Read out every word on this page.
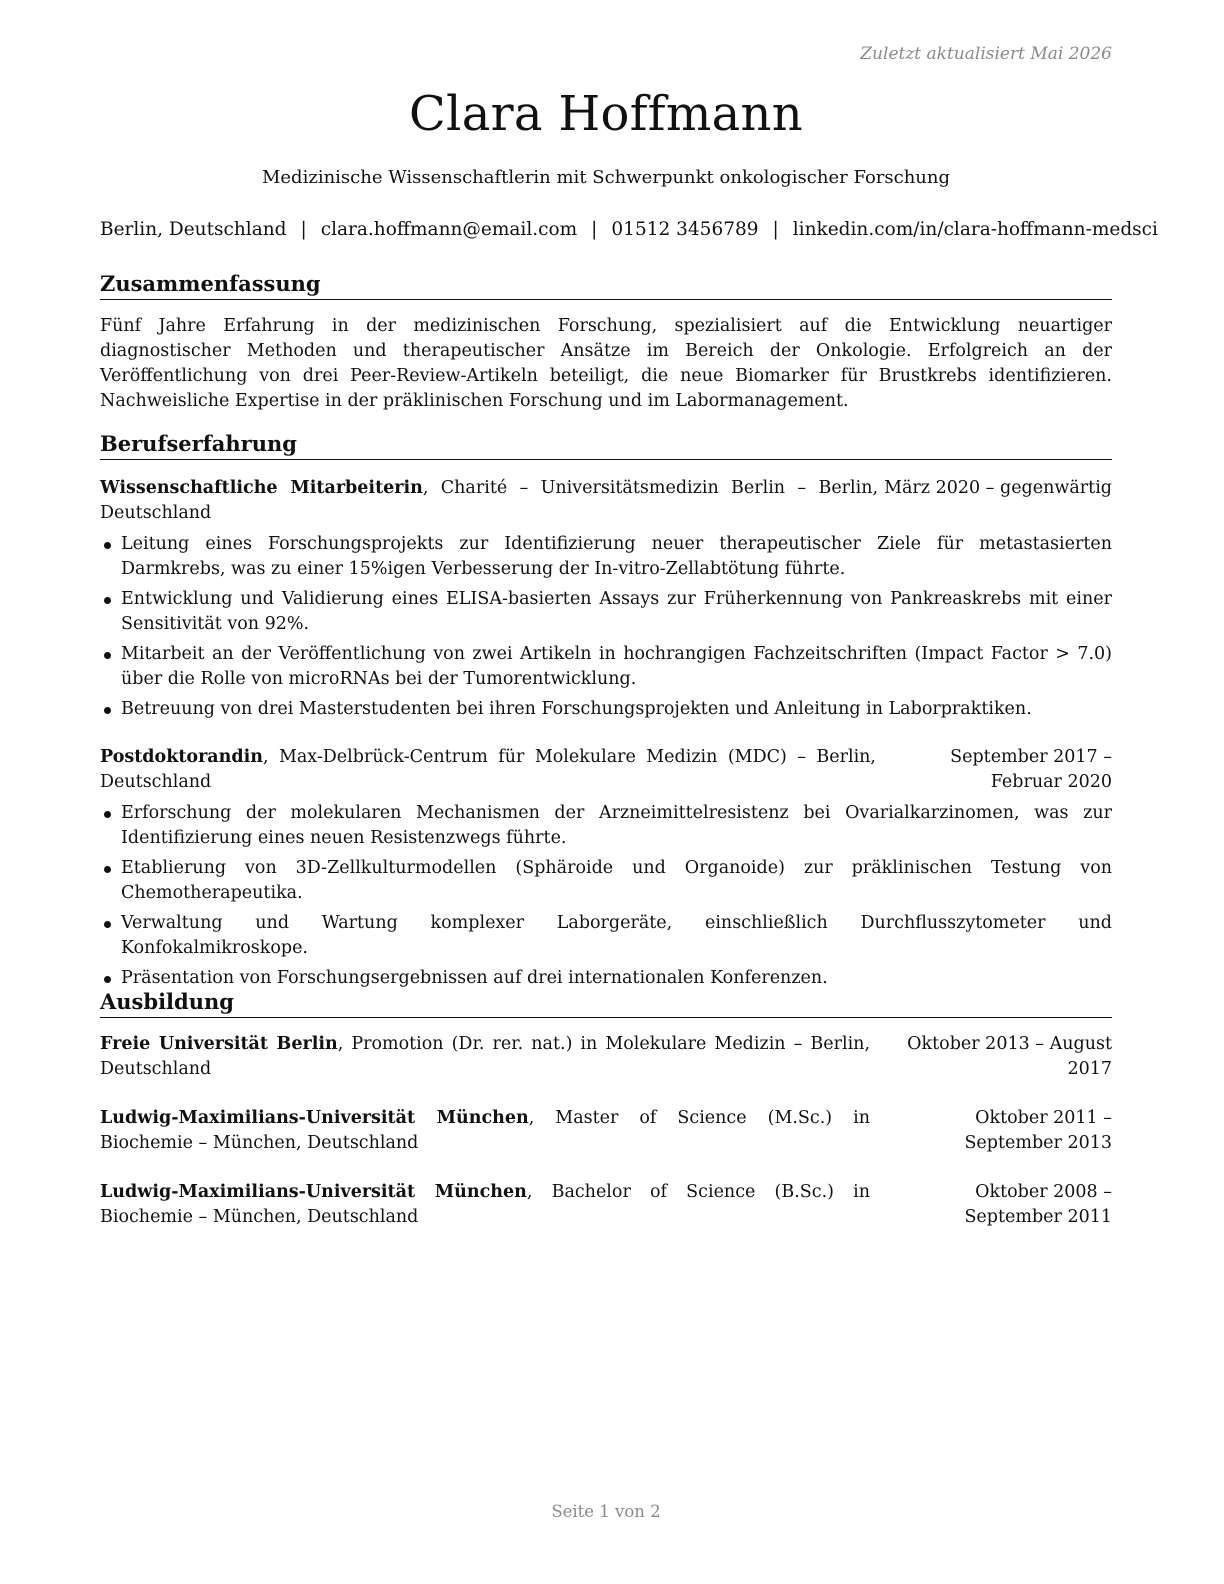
Zuletzt aktualisiert Mai 2026
Clara Hoffmann
Medizinische Wissenschaftlerin mit Schwerpunkt onkologischer Forschung
Berlin, Deutschland | clara.hoffmann@email.com | 01512 3456789 | linkedin.com/in/clara-hoffmann-medsci
Zusammenfassung
Fünf Jahre Erfahrung in der medizinischen Forschung, spezialisiert auf die Entwicklung neuartiger diagnostischer Methoden und therapeutischer Ansätze im Bereich der Onkologie. Erfolgreich an der Veröffentlichung von drei Peer-Review-Artikeln beteiligt, die neue Biomarker für Brustkrebs identifizieren. Nachweisliche Expertise in der präklinischen Forschung und im Labormanagement.
Berufserfahrung
Wissenschaftliche Mitarbeiterin, Charité – Universitätsmedizin Berlin – Berlin, Deutschland
März 2020 – gegenwärtig
Leitung eines Forschungsprojekts zur Identifizierung neuer therapeutischer Ziele für metastasierten Darmkrebs, was zu einer 15%igen Verbesserung der In-vitro-Zellabtötung führte.
Entwicklung und Validierung eines ELISA-basierten Assays zur Früherkennung von Pankreaskrebs mit einer Sensitivität von 92%.
Mitarbeit an der Veröffentlichung von zwei Artikeln in hochrangigen Fachzeitschriften (Impact Factor > 7.0) über die Rolle von microRNAs bei der Tumorentwicklung.
Betreuung von drei Masterstudenten bei ihren Forschungsprojekten und Anleitung in Laborpraktiken.
Postdoktorandin, Max-Delbrück-Centrum für Molekulare Medizin (MDC) – Berlin, Deutschland
September 2017 – Februar 2020
Erforschung der molekularen Mechanismen der Arzneimittelresistenz bei Ovarialkarzinomen, was zur Identifizierung eines neuen Resistenzwegs führte.
Etablierung von 3D-Zellkulturmodellen (Sphäroide und Organoide) zur präklinischen Testung von Chemotherapeutika.
Verwaltung und Wartung komplexer Laborgeräte, einschließlich Durchflusszytometer und Konfokalmikroskope.
Präsentation von Forschungsergebnissen auf drei internationalen Konferenzen.
Ausbildung
Freie Universität Berlin, Promotion (Dr. rer. nat.) in Molekulare Medizin – Berlin, Deutschland
Oktober 2013 – August 2017
Ludwig-Maximilians-Universität München, Master of Science (M.Sc.) in Biochemie – München, Deutschland
Oktober 2011 – September 2013
Ludwig-Maximilians-Universität München, Bachelor of Science (B.Sc.) in Biochemie – München, Deutschland
Oktober 2008 – September 2011
Seite 1 von 2
